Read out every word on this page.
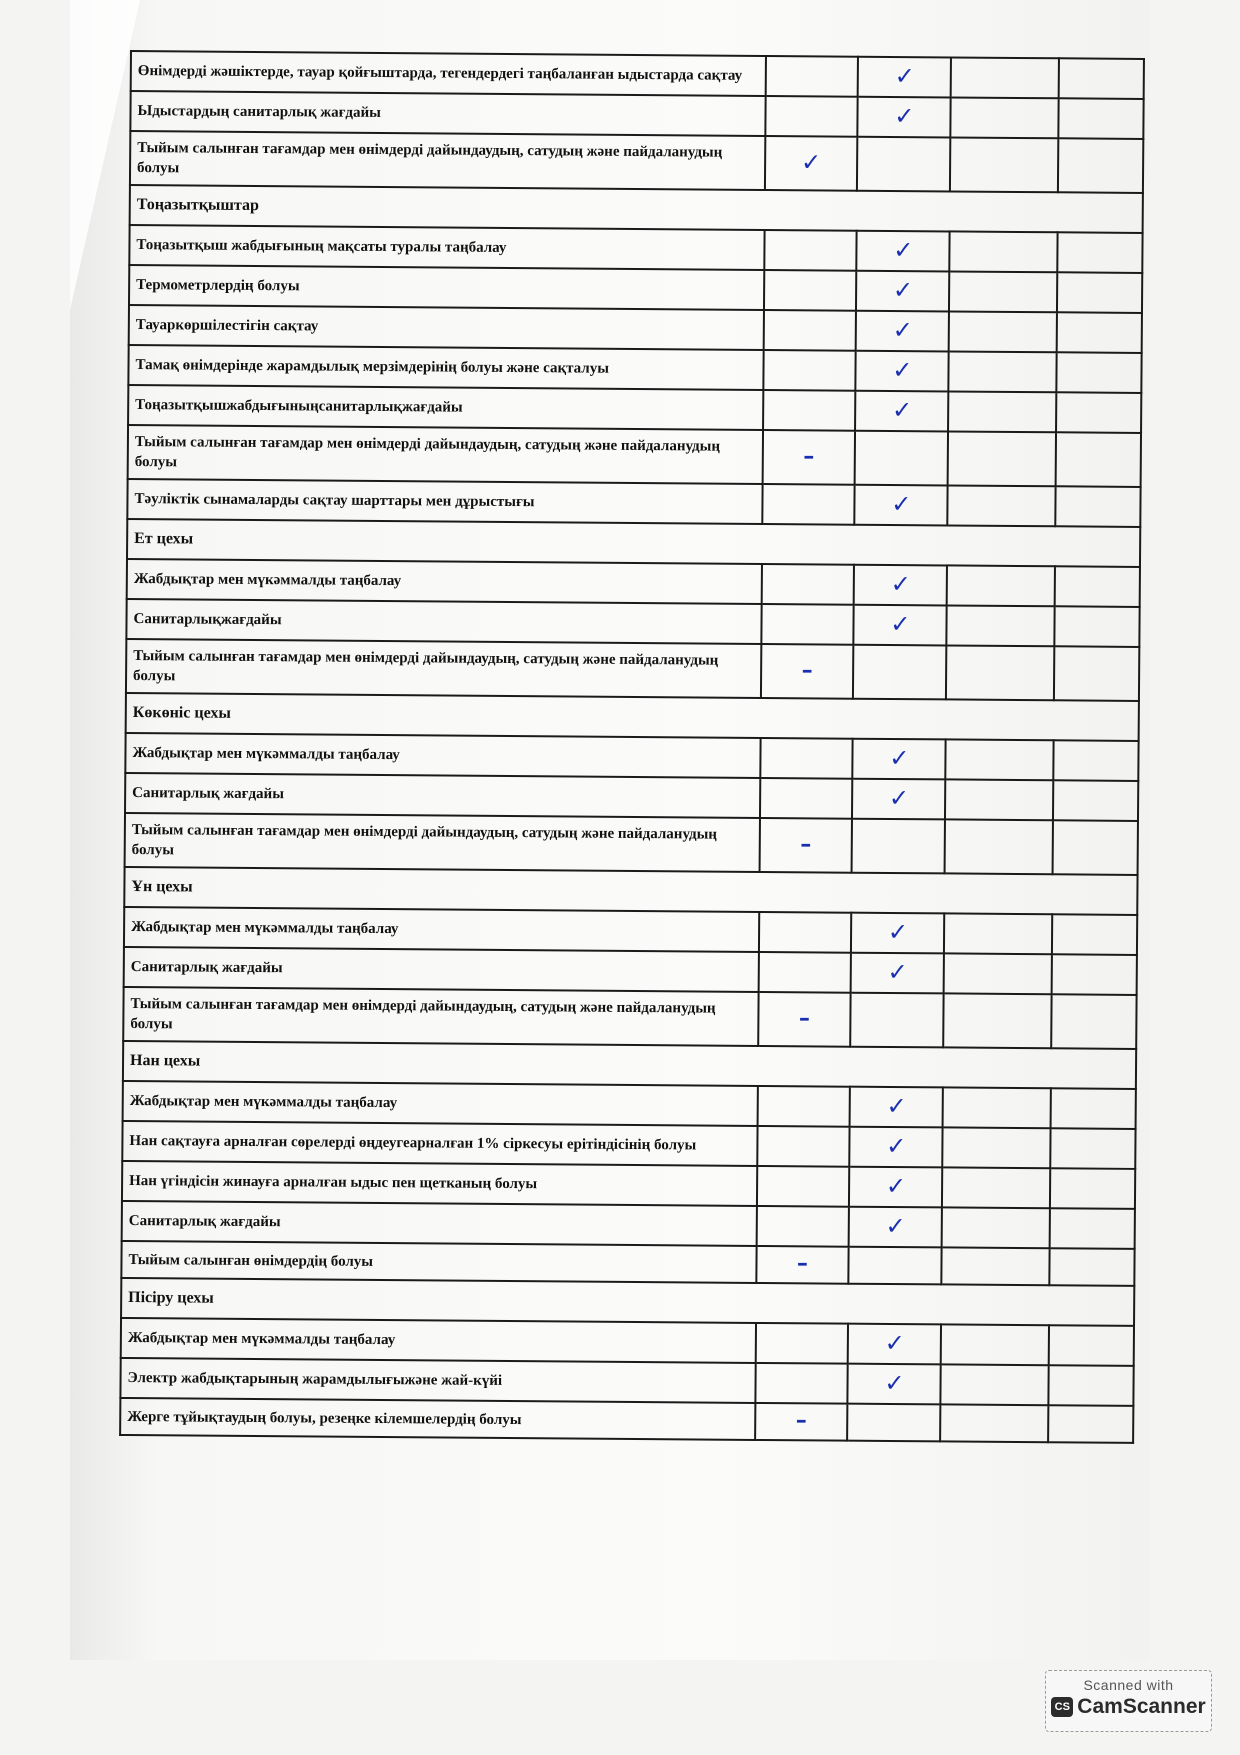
Өнімдерді жәшіктерде, тауар қойғыштарда, тегендердегі таңбаланған ыдыстарда сақтау		✓		
Ыдыстардың санитарлық жағдайы		✓		
Тыйым салынған тағамдар мен өнімдерді дайындаудың, сатудың және пайдаланудың болуы	✓			
Тоңазытқыштар				
Тоңазытқыш жабдығының мақсаты туралы таңбалау		✓		
Термометрлердің болуы		✓		
Тауаркөршілестігін сақтау		✓		
Тамақ өнімдерінде жарамдылық мерзімдерінің болуы және сақталуы		✓		
Тоңазытқышжабдығыныңсанитарлықжағдайы		✓		
Тыйым салынған тағамдар мен өнімдерді дайындаудың, сатудың және пайдаланудың болуы	–			
Тәуліктік сынамаларды сақтау шарттары мен дұрыстығы		✓		
Ет цехы				
Жабдықтар мен мүкәммалды таңбалау		✓		
Санитарлықжағдайы		✓		
Тыйым салынған тағамдар мен өнімдерді дайындаудың, сатудың және пайдаланудың болуы	–			
Көкөніс цехы				
Жабдықтар мен мүкәммалды таңбалау		✓		
Санитарлық жағдайы		✓		
Тыйым салынған тағамдар мен өнімдерді дайындаудың, сатудың және пайдаланудың болуы	–			
Ұн цехы				
Жабдықтар мен мүкәммалды таңбалау		✓		
Санитарлық жағдайы		✓		
Тыйым салынған тағамдар мен өнімдерді дайындаудың, сатудың және пайдаланудың болуы	–			
Нан цехы				
Жабдықтар мен мүкәммалды таңбалау		✓		
Нан сақтауға арналған сөрелерді өңдеугеарналған 1% сіркесуы ерітіндісінің болуы		✓		
Нан үгіндісін жинауға арналған ыдыс пен щетканың болуы		✓		
Санитарлық жағдайы		✓		
Тыйым салынған өнімдердің болуы	–			
Пісіру цехы				
Жабдықтар мен мүкәммалды таңбалау		✓		
Электр жабдықтарының жарамдылығыжәне жай-күйі		✓		
Жерге тұйықтаудың болуы, резеңке кілемшелердің болуы	–			
Scanned with
CS CamScanner
